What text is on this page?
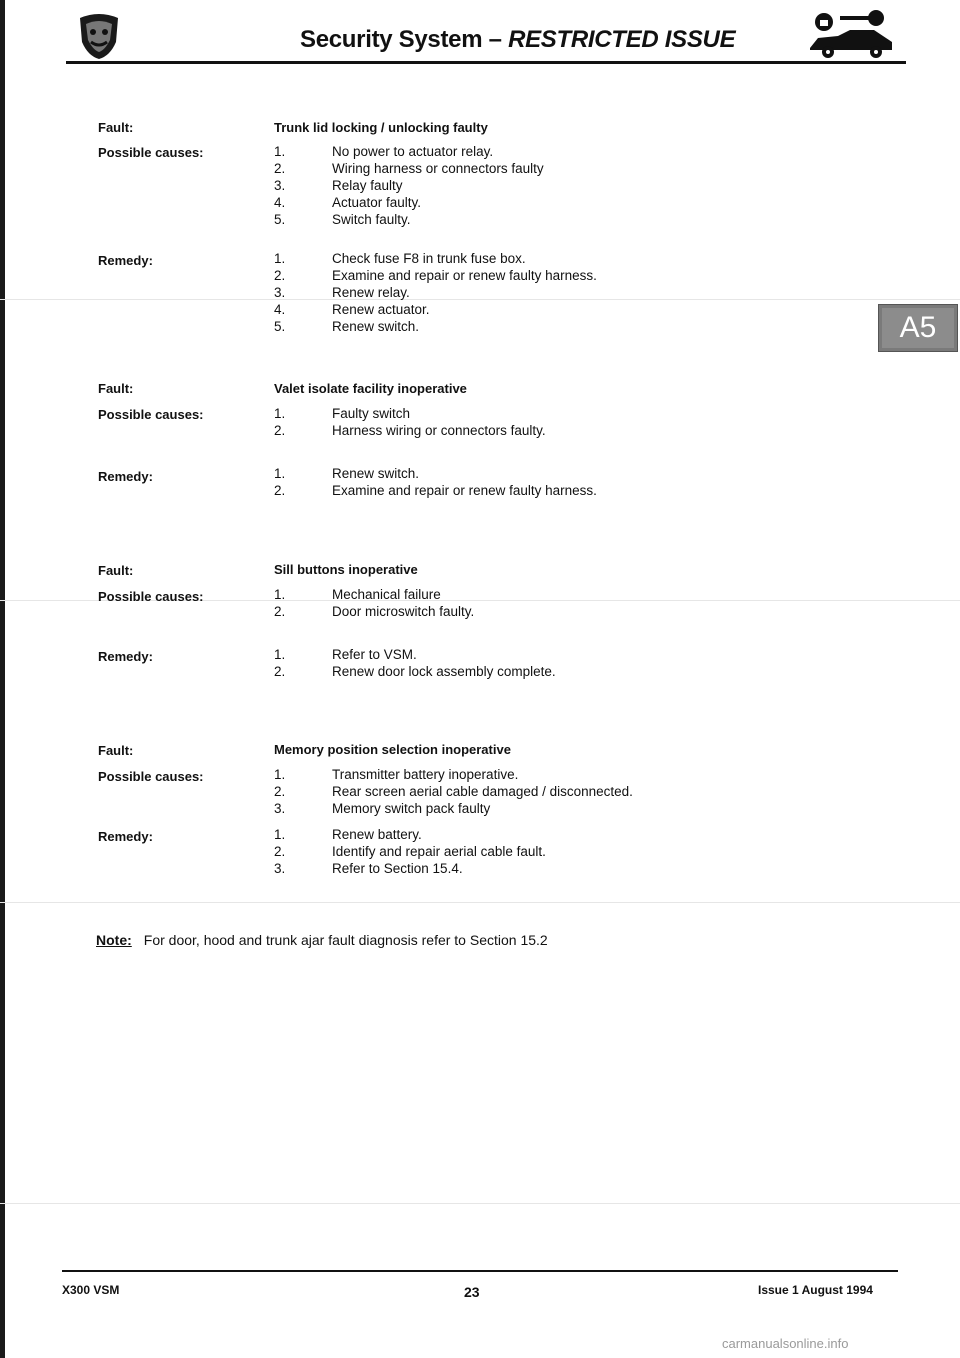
Security System – RESTRICTED ISSUE
A5
Fault:	Trunk lid locking / unlocking faulty
Possible causes:	1.	No power to actuator relay.
2.	Wiring harness or connectors faulty
3.	Relay faulty
4.	Actuator faulty.
5.	Switch faulty.
Remedy:	1.	Check fuse F8 in trunk fuse box.
2.	Examine and repair or renew faulty harness.
3.	Renew relay.
4.	Renew actuator.
5.	Renew switch.
Fault:	Valet isolate facility inoperative
Possible causes:	1.	Faulty switch
2.	Harness wiring or connectors faulty.
Remedy:	1.	Renew switch.
2.	Examine and repair or renew faulty harness.
Fault:	Sill buttons inoperative
Possible causes:	1.	Mechanical failure
2.	Door microswitch faulty.
Remedy:	1.	Refer to VSM.
2.	Renew door lock assembly complete.
Fault:	Memory position selection inoperative
Possible causes:	1.	Transmitter battery inoperative.
2.	Rear screen aerial cable damaged / disconnected.
3.	Memory switch pack faulty
Remedy:	1.	Renew battery.
2.	Identify and repair aerial cable fault.
3.	Refer to Section 15.4.
Note: For door, hood and trunk ajar fault diagnosis refer to Section 15.2
X300 VSM	23	Issue 1 August 1994
carmanualsonline.info
